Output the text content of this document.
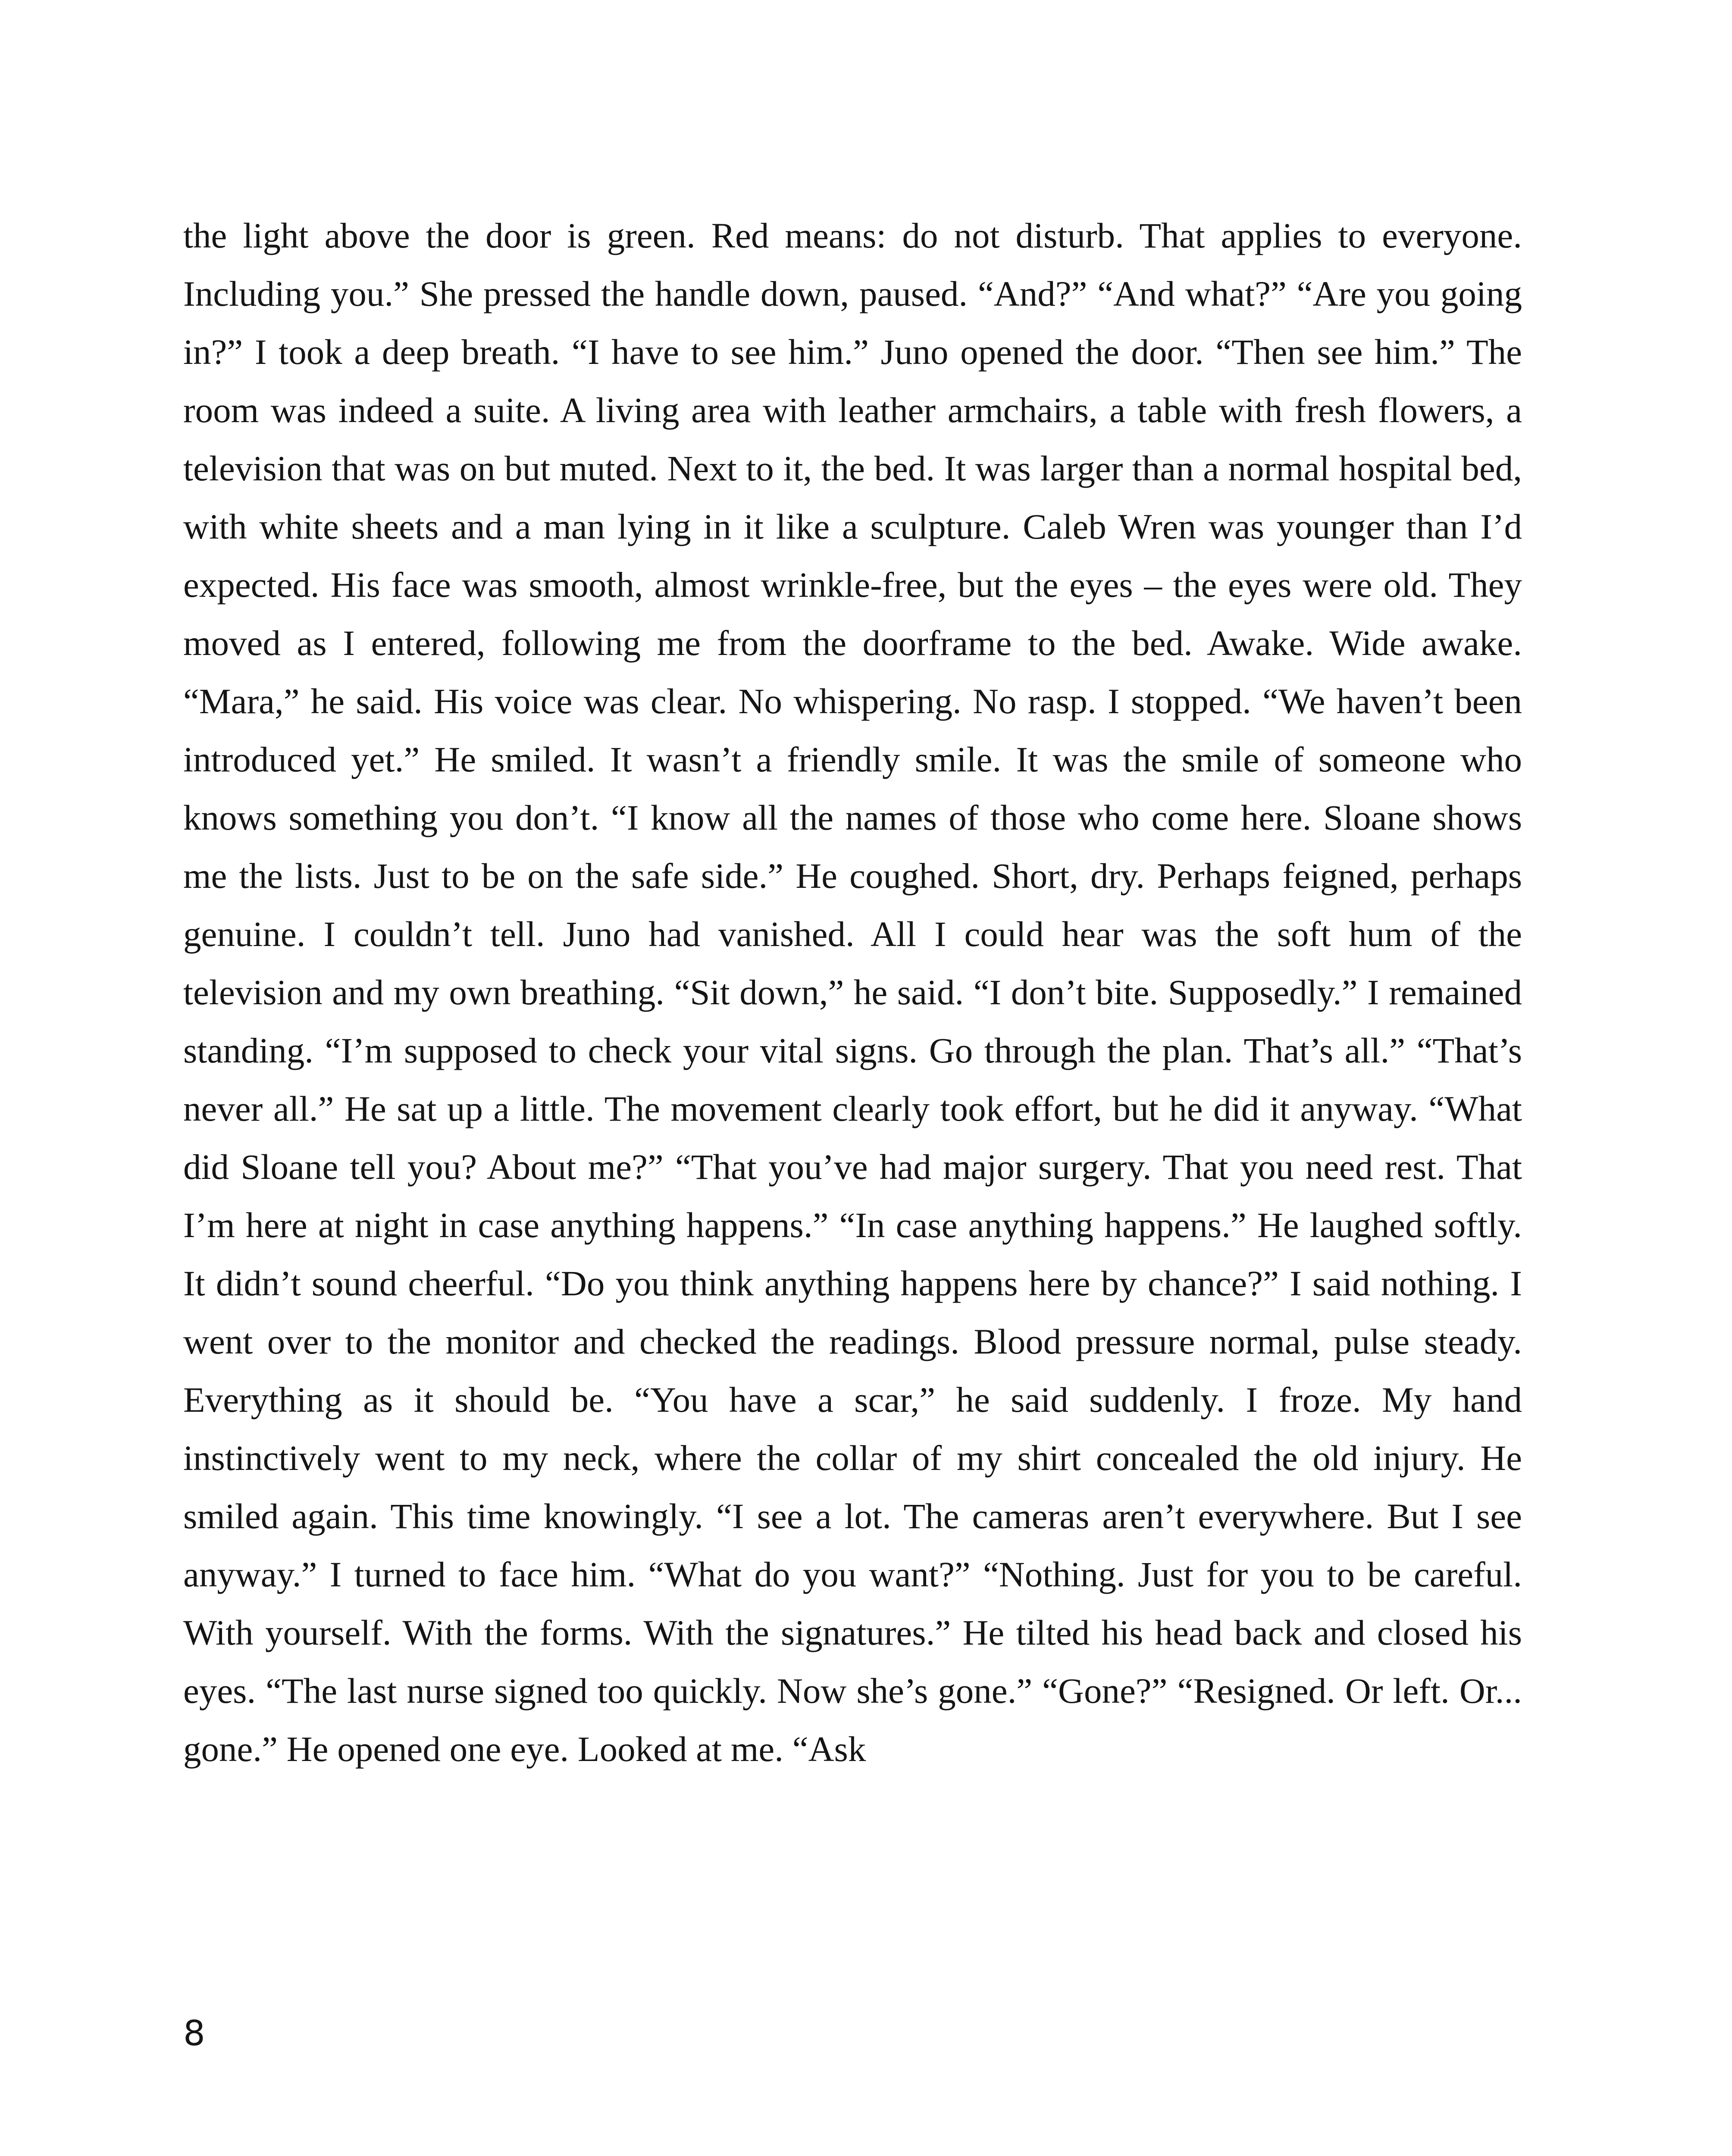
the light above the door is green. Red means: do not disturb. That applies to everyone. Including you.” She pressed the handle down, paused. “And?” “And what?” “Are you going in?” I took a deep breath. “I have to see him.” Juno opened the door. “Then see him.” The room was indeed a suite. A living area with leather armchairs, a table with fresh flowers, a television that was on but muted. Next to it, the bed. It was larger than a normal hospital bed, with white sheets and a man lying in it like a sculpture. Caleb Wren was younger than I’d expected. His face was smooth, almost wrinkle-free, but the eyes – the eyes were old. They moved as I entered, following me from the doorframe to the bed. Awake. Wide awake. “Mara,” he said. His voice was clear. No whispering. No rasp. I stopped. “We haven’t been introduced yet.” He smiled. It wasn’t a friendly smile. It was the smile of someone who knows something you don’t. “I know all the names of those who come here. Sloane shows me the lists. Just to be on the safe side.” He coughed. Short, dry. Perhaps feigned, perhaps genuine. I couldn’t tell. Juno had vanished. All I could hear was the soft hum of the television and my own breathing. “Sit down,” he said. “I don’t bite. Supposedly.” I remained standing. “I’m supposed to check your vital signs. Go through the plan. That’s all.” “That’s never all.” He sat up a little. The movement clearly took effort, but he did it anyway. “What did Sloane tell you? About me?” “That you’ve had major surgery. That you need rest. That I’m here at night in case anything happens.” “In case anything happens.” He laughed softly. It didn’t sound cheerful. “Do you think anything happens here by chance?” I said nothing. I went over to the monitor and checked the readings. Blood pressure normal, pulse steady. Everything as it should be. “You have a scar,” he said suddenly. I froze. My hand instinctively went to my neck, where the collar of my shirt concealed the old injury. He smiled again. This time knowingly. “I see a lot. The cameras aren’t everywhere. But I see anyway.” I turned to face him. “What do you want?” “Nothing. Just for you to be careful. With yourself. With the forms. With the signatures.” He tilted his head back and closed his eyes. “The last nurse signed too quickly. Now she’s gone.” “Gone?” “Resigned. Or left. Or... gone.” He opened one eye. Looked at me. “Ask

8
